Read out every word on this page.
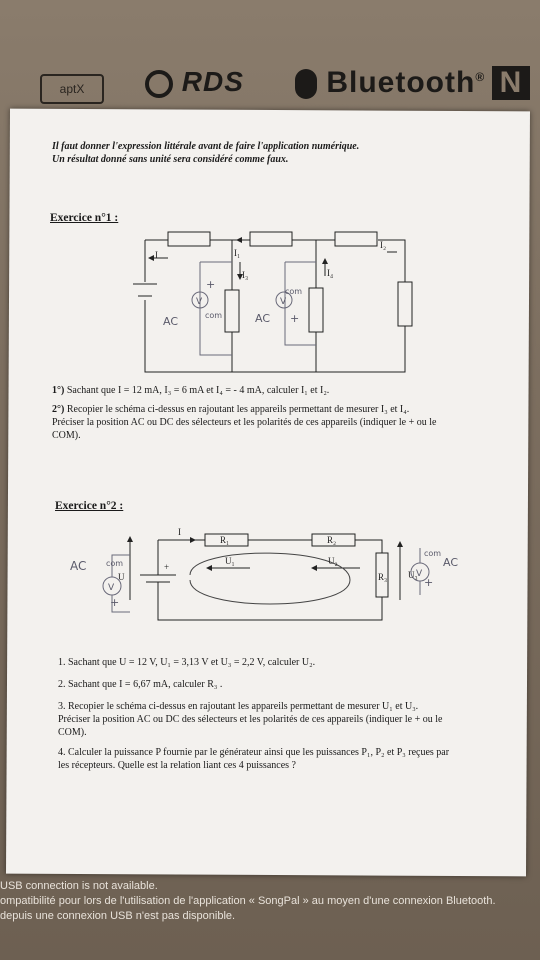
aptX	RDS	Bluetooth® N
USB connection is not available.
ompatibilité pour lors de l'utilisation de l'application « SongPal » au moyen d'une connexion Bluetooth.
depuis une connexion USB n'est pas disponible.
Il faut donner l'expression littérale avant de faire l'application numérique.
Un résultat donné sans unité sera considéré comme faux.
Exercice n°1 :
I	I₁
I₂
I₃	I₄
AC	com
+
V
AC
com
+
V
1°) Sachant que I = 12 mA, I₃ = 6 mA et I₄ = - 4 mA, calculer I₁ et I₂.
2°) Recopier le schéma ci-dessus en rajoutant les appareils permettant de mesurer I₃ et I₄.
Préciser la position AC ou DC des sélecteurs et les polarités de ces appareils (indiquer le + ou le
COM).
Exercice n°2 :
I
R₁	R₂
R₃
U₁	U₂
U₃
U
+
AC com
+
V
AC
com
+
V
1. Sachant que U = 12 V, U₁ = 3,13 V et U₃ = 2,2 V, calculer U₂.
2. Sachant que I = 6,67 mA, calculer R₃ .
3. Recopier le schéma ci-dessus en rajoutant les appareils permettant de mesurer U₁ et U₃.
Préciser la position AC ou DC des sélecteurs et les polarités de ces appareils (indiquer le + ou le
COM).
4. Calculer la puissance P fournie par le générateur ainsi que les puissances P₁, P₂ et P₃ reçues par
les récepteurs. Quelle est la relation liant ces 4 puissances ?
